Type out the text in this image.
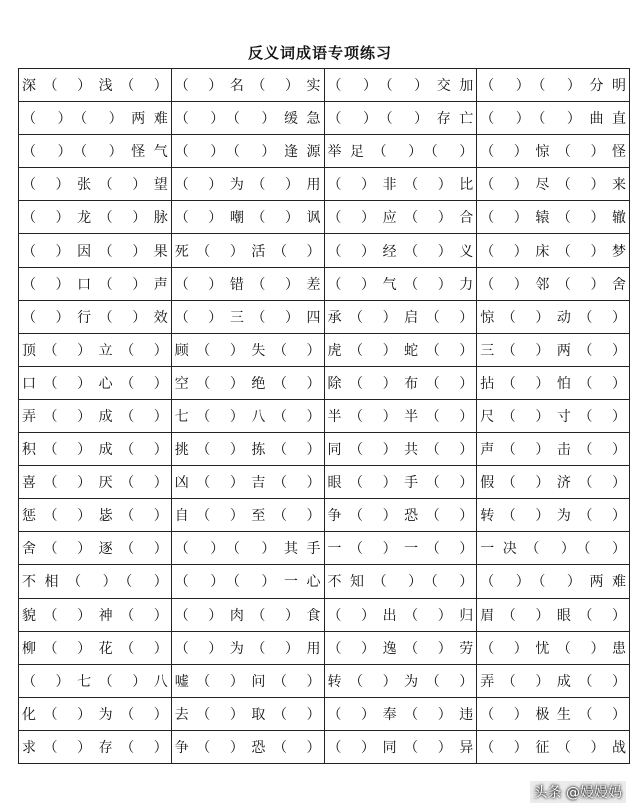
反义词成语专项练习
深（ ）浅（ ）	（ ）名（ ）实	（ ）（ ）交加	（ ）（ ）分明
（ ）（ ）两难	（ ）（ ）缓急	（ ）（ ）存亡	（ ）（ ）曲直
（ ）（ ）怪气	（ ）（ ）逢源	举足（ ）（ ）	（ ）惊（ ）怪
（ ）张（ ）望	（ ）为（ ）用	（ ）非（ ）比	（ ）尽（ ）来
（ ）龙（ ）脉	（ ）嘲（ ）讽	（ ）应（ ）合	（ ）辕（ ）辙
（ ）因（ ）果	死（ ）活（ ）	（ ）经（ ）义	（ ）床（ ）梦
（ ）口（ ）声	（ ）错（ ）差	（ ）气（ ）力	（ ）邻（ ）舍
（ ）行（ ）效	（ ）三（ ）四	承（ ）启（ ）	惊（ ）动（ ）
顶（ ）立（ ）	顾（ ）失（ ）	虎（ ）蛇（ ）	三（ ）两（ ）
口（ ）心（ ）	空（ ）绝（ ）	除（ ）布（ ）	拈（ ）怕（ ）
弄（ ）成（ ）	七（ ）八（ ）	半（ ）半（ ）	尺（ ）寸（ ）
积（ ）成（ ）	挑（ ）拣（ ）	同（ ）共（ ）	声（ ）击（ ）
喜（ ）厌（ ）	凶（ ）吉（ ）	眼（ ）手（ ）	假（ ）济（ ）
惩（ ）毖（ ）	自（ ）至（ ）	争（ ）恐（ ）	转（ ）为（ ）
舍（ ）逐（ ）	（ ）（ ）其手	一（ ）一（ ）	一决（ ）（ ）
不相（ ）（ ）	（ ）（ ）一心	不知（ ）（ ）	（ ）（ ）两难
貌（ ）神（ ）	（ ）肉（ ）食	（ ）出（ ）归	眉（ ）眼（ ）
柳（ ）花（ ）	（ ）为（ ）用	（ ）逸（ ）劳	（ ）忧（ ）患
（ ）七（ ）八	嘘（ ）问（ ）	转（ ）为（ ）	弄（ ）成（ ）
化（ ）为（ ）	去（ ）取（ ）	（ ）奉（ ）违	（ ）极生（ ）
求（ ）存（ ）	争（ ）恐（ ）	（ ）同（ ）异	（ ）征（ ）战
头条 @嫚嫚妈
